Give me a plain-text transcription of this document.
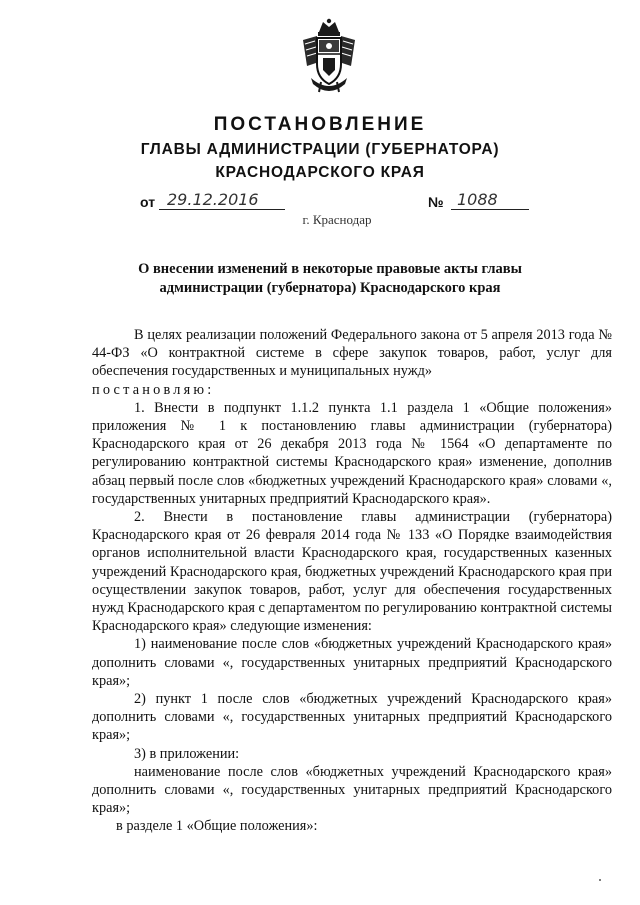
ПОСТАНОВЛЕНИЕ
ГЛАВЫ АДМИНИСТРАЦИИ (ГУБЕРНАТОРА)
КРАСНОДАРСКОГО КРАЯ
от 29.12.2016	№ 1088
г. Краснодар
О внесении изменений в некоторые правовые акты главы администрации (губернатора) Краснодарского края

В целях реализации положений Федерального закона от 5 апреля 2013 года № 44-ФЗ «О контрактной системе в сфере закупок товаров, работ, услуг для обеспечения государственных и муниципальных нужд»

постановляю:

1. Внести в подпункт 1.1.2 пункта 1.1 раздела 1 «Общие положения» приложения № 1 к постановлению главы администрации (губернатора) Краснодарского края от 26 декабря 2013 года № 1564 «О департаменте по регулированию контрактной системы Краснодарского края» изменение, дополнив абзац первый после слов «бюджетных учреждений Краснодарского края» словами «, государственных унитарных предприятий Краснодарского края».

2. Внести в постановление главы администрации (губернатора) Краснодарского края от 26 февраля 2014 года № 133 «О Порядке взаимодействия органов исполнительной власти Краснодарского края, государственных казенных учреждений Краснодарского края, бюджетных учреждений Краснодарского края при осуществлении закупок товаров, работ, услуг для обеспечения государственных нужд Краснодарского края с департаментом по регулированию контрактной системы Краснодарского края» следующие изменения:

1) наименование после слов «бюджетных учреждений Краснодарского края» дополнить словами «, государственных унитарных предприятий Краснодарского края»;

2) пункт 1 после слов «бюджетных учреждений Краснодарского края» дополнить словами «, государственных унитарных предприятий Краснодарского края»;

3) в приложении:

наименование после слов «бюджетных учреждений Краснодарского края» дополнить словами «, государственных унитарных предприятий Краснодарского края»;

в разделе 1 «Общие положения»:
